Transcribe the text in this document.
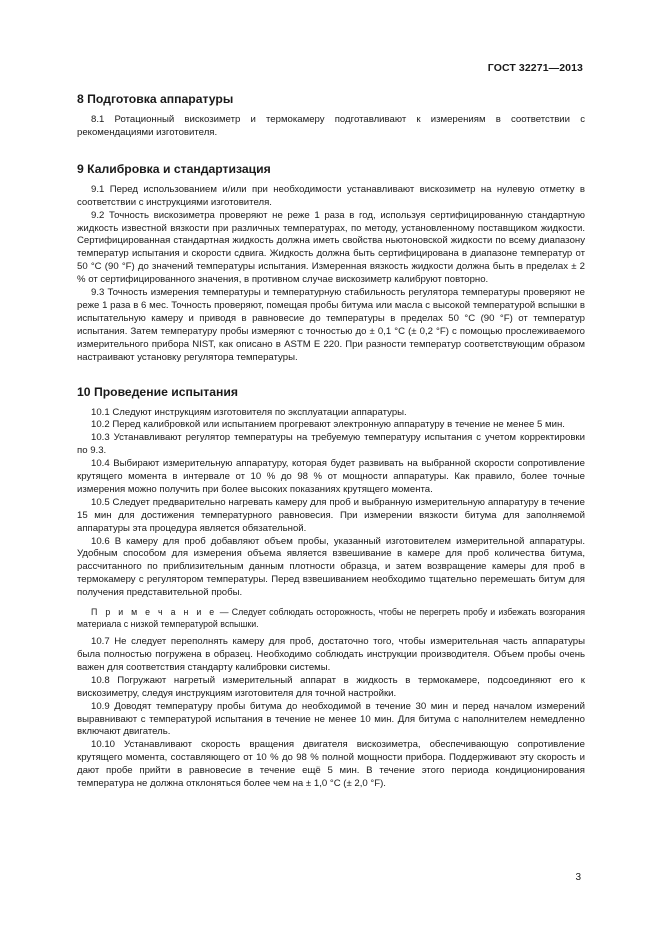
ГОСТ 32271—2013
8 Подготовка аппаратуры

8.1 Ротационный вискозиметр и термокамеру подготавливают к измерениям в соответствии с рекомендациями изготовителя.

9 Калибровка и стандартизация

9.1 Перед использованием и/или при необходимости устанавливают вискозиметр на нулевую отметку в соответствии с инструкциями изготовителя.

9.2 Точность вискозиметра проверяют не реже 1 раза в год, используя сертифицированную стандартную жидкость известной вязкости при различных температурах, по методу, установленному поставщиком жидкости. Сертифицированная стандартная жидкость должна иметь свойства ньютоновской жидкости по всему диапазону температур испытания и скорости сдвига. Жидкость должна быть сертифицирована в диапазоне температур от 50 °С (90 °F) до значений температуры испытания. Измеренная вязкость жидкости должна быть в пределах ± 2 % от сертифицированного значения, в противном случае вискозиметр калибруют повторно.

9.3 Точность измерения температуры и температурную стабильность регулятора температуры проверяют не реже 1 раза в 6 мес. Точность проверяют, помещая пробы битума или масла с высокой температурой вспышки в испытательную камеру и приводя в равновесие до температуры в пределах 50 °С (90 °F) от температур испытания. Затем температуру пробы измеряют с точностью до ± 0,1 °С (± 0,2 °F) с помощью прослеживаемого измерительного прибора NIST, как описано в ASTM E 220. При разности температур соответствующим образом настраивают установку регулятора температуры.

10 Проведение испытания

10.1 Следуют инструкциям изготовителя по эксплуатации аппаратуры.

10.2 Перед калибровкой или испытанием прогревают электронную аппаратуру в течение не менее 5 мин.

10.3 Устанавливают регулятор температуры на требуемую температуру испытания с учетом корректировки по 9.3.

10.4 Выбирают измерительную аппаратуру, которая будет развивать на выбранной скорости сопротивление крутящего момента в интервале от 10 % до 98 % от мощности аппаратуры. Как правило, более точные измерения можно получить при более высоких показаниях крутящего момента.

10.5 Следует предварительно нагревать камеру для проб и выбранную измерительную аппаратуру в течение 15 мин для достижения температурного равновесия. При измерении вязкости битума для заполняемой аппаратуры эта процедура является обязательной.

10.6 В камеру для проб добавляют объем пробы, указанный изготовителем измерительной аппаратуры. Удобным способом для измерения объема является взвешивание в камере для проб количества битума, рассчитанного по приблизительным данным плотности образца, и затем возвращение камеры для проб в термокамеру с регулятором температуры. Перед взвешиванием необходимо тщательно перемешать битум для получения представительной пробы.

П р и м е ч а н и е — Следует соблюдать осторожность, чтобы не перегреть пробу и избежать возгорания материала с низкой температурой вспышки.

10.7 Не следует переполнять камеру для проб, достаточно того, чтобы измерительная часть аппаратуры была полностью погружена в образец. Необходимо соблюдать инструкции производителя. Объем пробы очень важен для соответствия стандарту калибровки системы.

10.8 Погружают нагретый измерительный аппарат в жидкость в термокамере, подсоединяют его к вискозиметру, следуя инструкциям изготовителя для точной настройки.

10.9 Доводят температуру пробы битума до необходимой в течение 30 мин и перед началом измерений выравнивают с температурой испытания в течение не менее 10 мин. Для битума с наполнителем немедленно включают двигатель.

10.10 Устанавливают скорость вращения двигателя вискозиметра, обеспечивающую сопротивление крутящего момента, составляющего от 10 % до 98 % полной мощности прибора. Поддерживают эту скорость и дают пробе прийти в равновесие в течение ещё 5 мин. В течение этого периода кондиционирования температура не должна отклоняться более чем на ± 1,0 °С (± 2,0 °F).

3
